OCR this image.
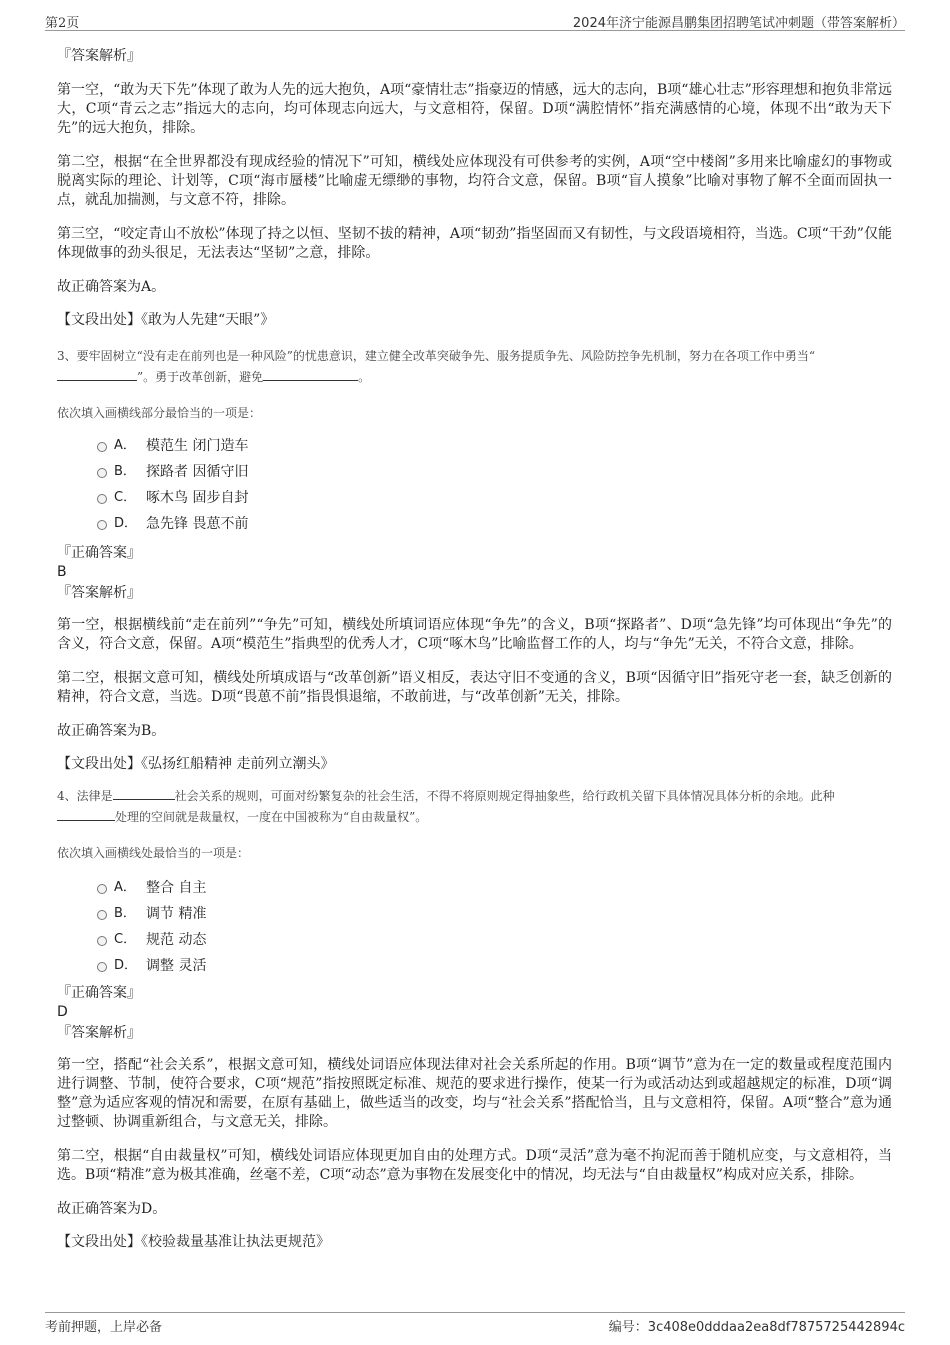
第2页	2024年济宁能源昌鹏集团招聘笔试冲刺题（带答案解析）

『答案解析』

第一空，“敢为天下先”体现了敢为人先的远大抱负，A项“豪情壮志”指豪迈的情感，远大的志向，B项“雄心壮志”形容理想和抱负非常远大，C项“青云之志”指远大的志向，均可体现志向远大，与文意相符，保留。D项“满腔情怀”指充满感情的心境，体现不出“敢为天下先”的远大抱负，排除。

第二空，根据“在全世界都没有现成经验的情况下”可知，横线处应体现没有可供参考的实例，A项“空中楼阁”多用来比喻虚幻的事物或脱离实际的理论、计划等，C项“海市蜃楼”比喻虚无缥缈的事物，均符合文意，保留。B项“盲人摸象”比喻对事物了解不全面而固执一点，就乱加揣测，与文意不符，排除。

第三空，“咬定青山不放松”体现了持之以恒、坚韧不拔的精神，A项“韧劲”指坚固而又有韧性，与文段语境相符，当选。C项“干劲”仅能体现做事的劲头很足，无法表达“坚韧”之意，排除。

故正确答案为A。

【文段出处】《敢为人先建“天眼”》

3、要牢固树立“没有走在前列也是一种风险”的忧患意识，建立健全改革突破争先、服务提质争先、风险防控争先机制，努力在各项工作中勇当“”。勇于改革创新，避免	。

依次填入画横线部分最恰当的一项是：

A． 模范生 闭门造车
B． 探路者 因循守旧
C． 啄木鸟 固步自封
D． 急先锋 畏葸不前

『正确答案』

B

『答案解析』

第一空，根据横线前“走在前列”“争先”可知，横线处所填词语应体现“争先”的含义，B项“探路者”、D项“急先锋”均可体现出“争先”的含义，符合文意，保留。A项“模范生”指典型的优秀人才，C项“啄木鸟”比喻监督工作的人，均与“争先”无关，不符合文意，排除。

第二空，根据文意可知，横线处所填成语与“改革创新”语义相反，表达守旧不变通的含义，B项“因循守旧”指死守老一套，缺乏创新的精神，符合文意，当选。D项“畏葸不前”指畏惧退缩，不敢前进，与“改革创新”无关，排除。

故正确答案为B。

【文段出处】《弘扬红船精神 走前列立潮头》

4、法律是	社会关系的规则，可面对纷繁复杂的社会生活，不得不将原则规定得抽象些，给行政机关留下具体情况具体分析的余地。此种处理的空间就是裁量权，一度在中国被称为“自由裁量权”。

依次填入画横线处最恰当的一项是：

A． 整合 自主
B． 调节 精准
C． 规范 动态
D． 调整 灵活

『正确答案』

D

『答案解析』

第一空，搭配“社会关系”，根据文意可知，横线处词语应体现法律对社会关系所起的作用。B项“调节”意为在一定的数量或程度范围内进行调整、节制，使符合要求，C项“规范”指按照既定标准、规范的要求进行操作，使某一行为或活动达到或超越规定的标准，D项“调整”意为适应客观的情况和需要，在原有基础上，做些适当的改变，均与“社会关系”搭配恰当，且与文意相符，保留。A项“整合”意为通过整顿、协调重新组合，与文意无关，排除。

第二空，根据“自由裁量权”可知，横线处词语应体现更加自由的处理方式。D项“灵活”意为毫不拘泥而善于随机应变，与文意相符，当选。B项“精准”意为极其准确，丝毫不差，C项“动态”意为事物在发展变化中的情况，均无法与“自由裁量权”构成对应关系，排除。

故正确答案为D。

【文段出处】《校验裁量基准让执法更规范》

考前押题，上岸必备	编号：3c408e0dddaa2ea8df7875725442894c
